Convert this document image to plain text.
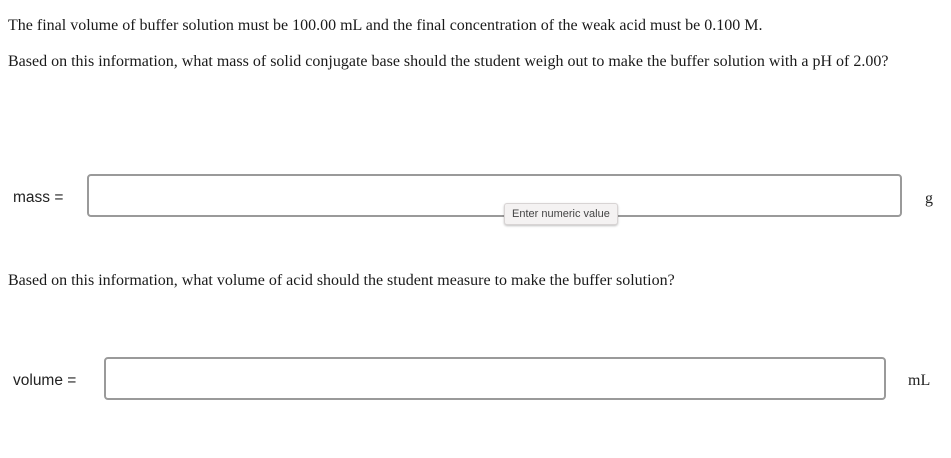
The final volume of buffer solution must be 100.00 mL and the final concentration of the weak acid must be 0.100 M.

Based on this information, what mass of solid conjugate base should the student weigh out to make the buffer solution with a pH of 2.00?

mass =	g
Enter numeric value

Based on this information, what volume of acid should the student measure to make the buffer solution?

volume =	mL
